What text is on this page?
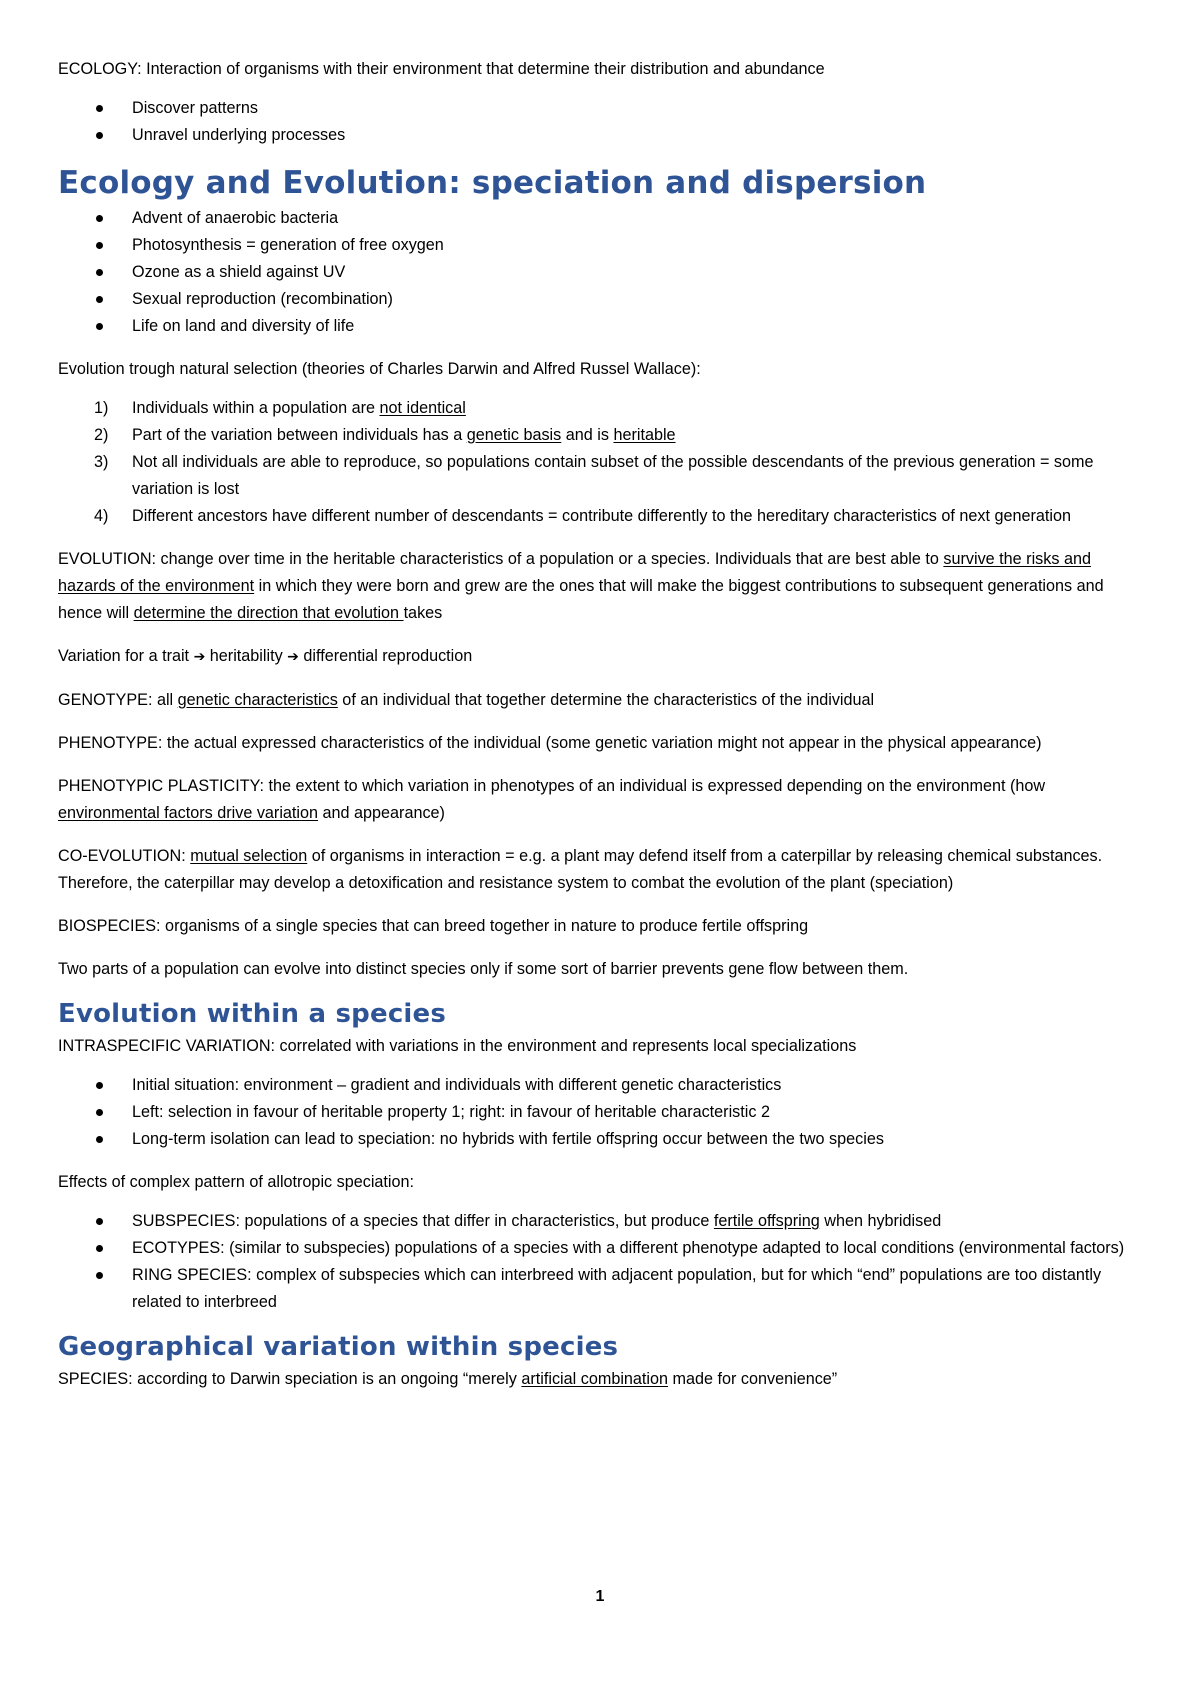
ECOLOGY: Interaction of organisms with their environment that determine their distribution and abundance

Discover patterns
Unravel underlying processes
Ecology and Evolution: speciation and dispersion
Advent of anaerobic bacteria
Photosynthesis = generation of free oxygen
Ozone as a shield against UV
Sexual reproduction (recombination)
Life on land and diversity of life

Evolution trough natural selection (theories of Charles Darwin and Alfred Russel Wallace):

1) Individuals within a population are not identical
2) Part of the variation between individuals has a genetic basis and is heritable
3) Not all individuals are able to reproduce, so populations contain subset of the possible descendants of the previous generation = some variation is lost
4) Different ancestors have different number of descendants = contribute differently to the hereditary characteristics of next generation

EVOLUTION: change over time in the heritable characteristics of a population or a species. Individuals that are best able to survive the risks and hazards of the environment in which they were born and grew are the ones that will make the biggest contributions to subsequent generations and hence will determine the direction that evolution takes

Variation for a trait ➔ heritability ➔ differential reproduction

GENOTYPE: all genetic characteristics of an individual that together determine the characteristics of the individual

PHENOTYPE: the actual expressed characteristics of the individual (some genetic variation might not appear in the physical appearance)

PHENOTYPIC PLASTICITY: the extent to which variation in phenotypes of an individual is expressed depending on the environment (how environmental factors drive variation and appearance)

CO-EVOLUTION: mutual selection of organisms in interaction = e.g. a plant may defend itself from a caterpillar by releasing chemical substances. Therefore, the caterpillar may develop a detoxification and resistance system to combat the evolution of the plant (speciation)

BIOSPECIES: organisms of a single species that can breed together in nature to produce fertile offspring

Two parts of a population can evolve into distinct species only if some sort of barrier prevents gene flow between them.

Evolution within a species

INTRASPECIFIC VARIATION: correlated with variations in the environment and represents local specializations

Initial situation: environment – gradient and individuals with different genetic characteristics
Left: selection in favour of heritable property 1; right: in favour of heritable characteristic 2
Long-term isolation can lead to speciation: no hybrids with fertile offspring occur between the two species

Effects of complex pattern of allotropic speciation:

SUBSPECIES: populations of a species that differ in characteristics, but produce fertile offspring when hybridised
ECOTYPES: (similar to subspecies) populations of a species with a different phenotype adapted to local conditions (environmental factors)
RING SPECIES: complex of subspecies which can interbreed with adjacent population, but for which “end” populations are too distantly related to interbreed
Geographical variation within species

SPECIES: according to Darwin speciation is an ongoing “merely artificial combination made for convenience”

1
